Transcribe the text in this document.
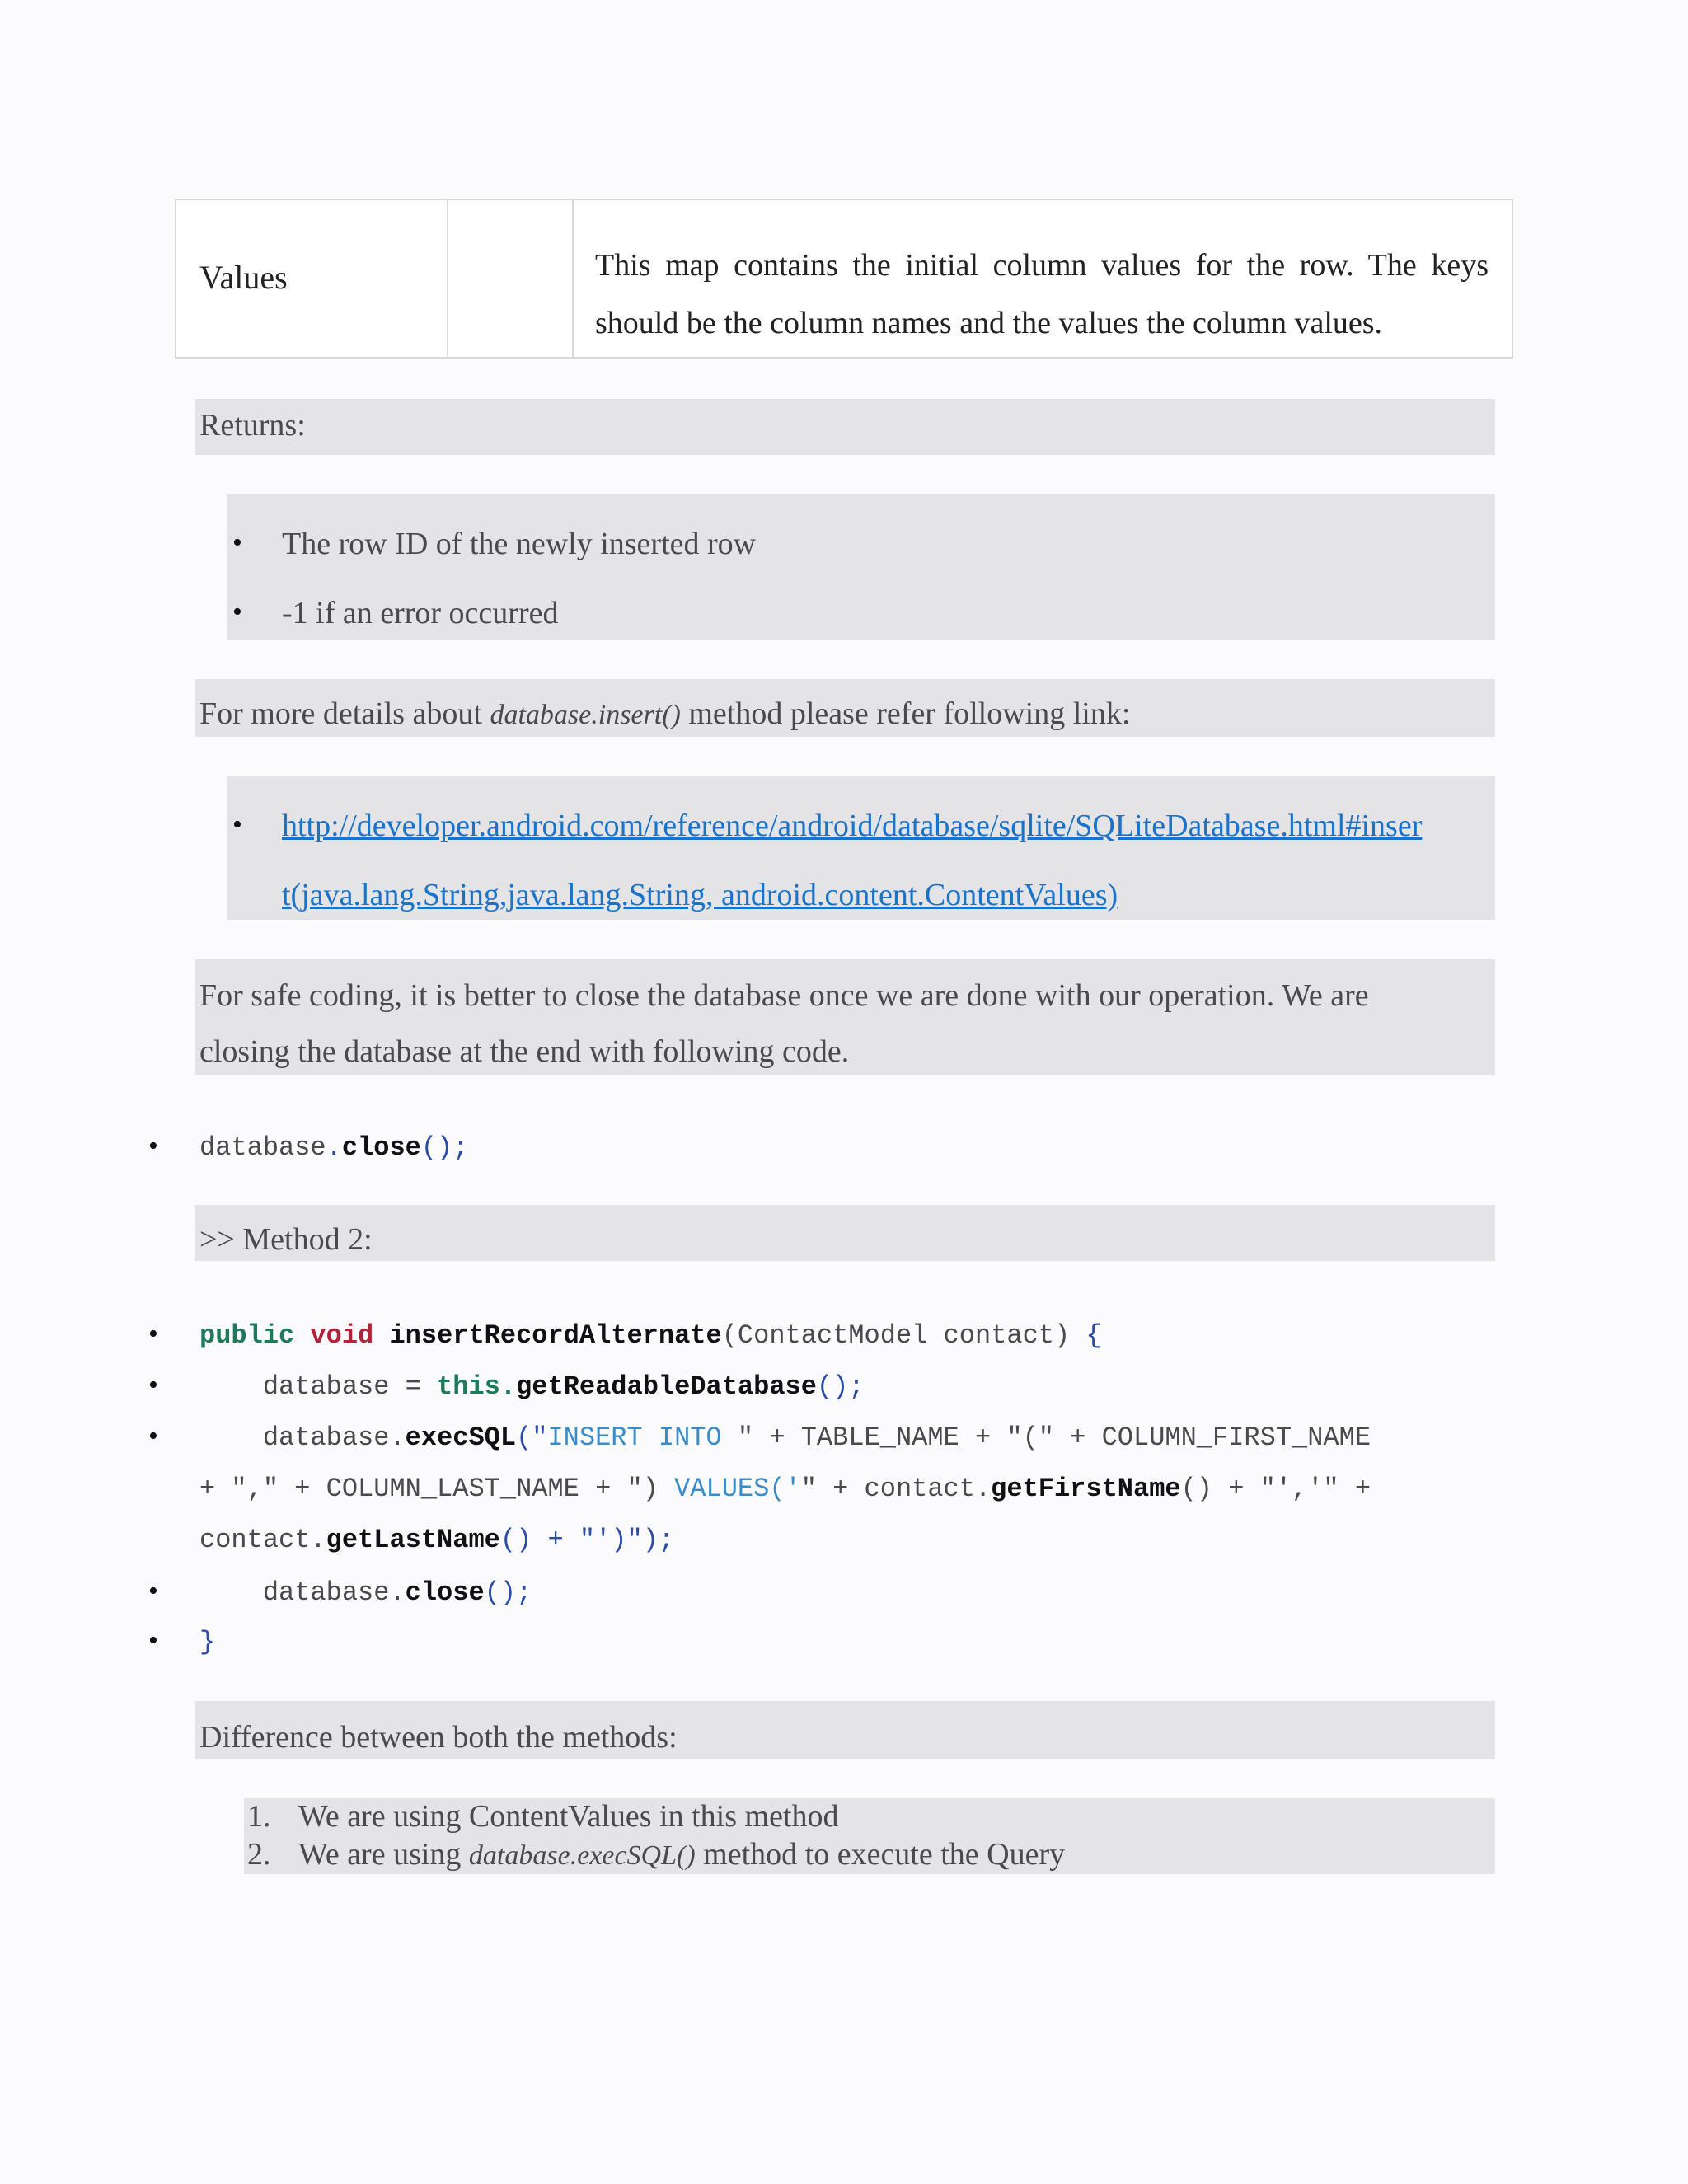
Values	This map contains the initial column values for the row. The keys should be the column names and the values the column values.
Returns:
• The row ID of the newly inserted row
• -1 if an error occurred
For more details about database.insert() method please refer following link:
• http://developer.android.com/reference/android/database/sqlite/SQLiteDatabase.html#inser
t(java.lang.String,java.lang.String, android.content.ContentValues)
For safe coding, it is better to close the database once we are done with our operation. We are
closing the database at the end with following code.
• database.close();
>> Method 2:
• public void insertRecordAlternate(ContactModel contact) {
• database = this.getReadableDatabase();
• database.execSQL("INSERT INTO " + TABLE_NAME + "(" + COLUMN_FIRST_NAME
+ "," + COLUMN_LAST_NAME + ") VALUES('" + contact.getFirstName() + "','" +
contact.getLastName() + "')");
• database.close();
• }
Difference between both the methods:
1. We are using ContentValues in this method
2. We are using database.execSQL() method to execute the Query
